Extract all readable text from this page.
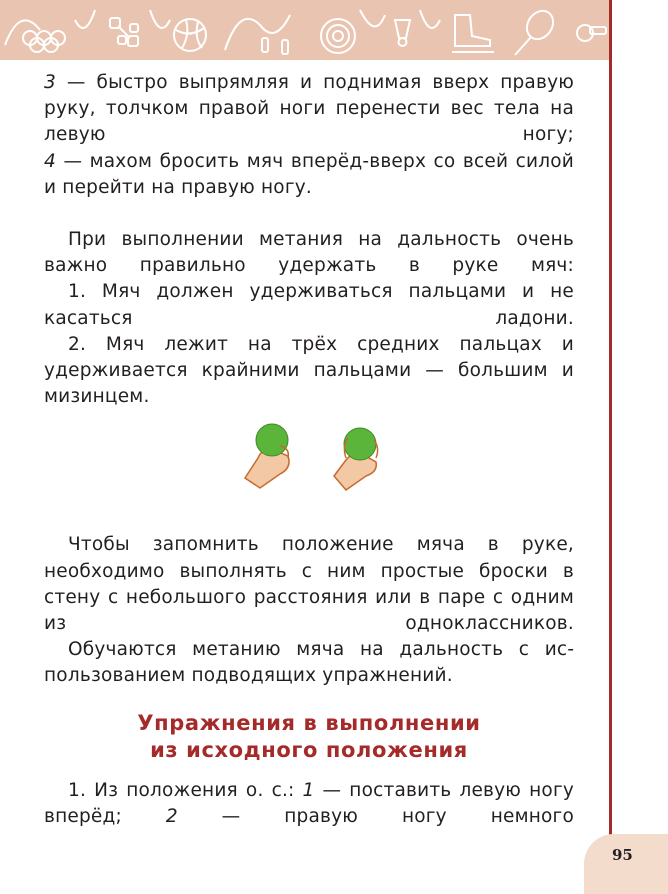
3 — быстро выпрямляя и поднимая вверх правую руку, толчком правой ноги перенести вес тела на левую ногу;

4 — махом бросить мяч вперёд-вверх со всей силой и перейти на правую ногу.

При выполнении метания на дальность очень важно правильно удержать в руке мяч:

1. Мяч должен удерживаться пальцами и не касаться ладони.

2. Мяч лежит на трёх средних пальцах и удерживается крайними пальцами — большим и мизинцем.

Чтобы запомнить положение мяча в руке, необходимо выполнять с ним простые броски в стену с небольшого расстояния или в паре с одним из одноклассников.

Обучаются метанию мяча на дальность с использованием подводящих упражнений.

Упражнения в выполнении
из исходного положения

1. Из положения о. с.: 1 — поставить левую ногу вперёд; 2 — правую ногу немного

95
